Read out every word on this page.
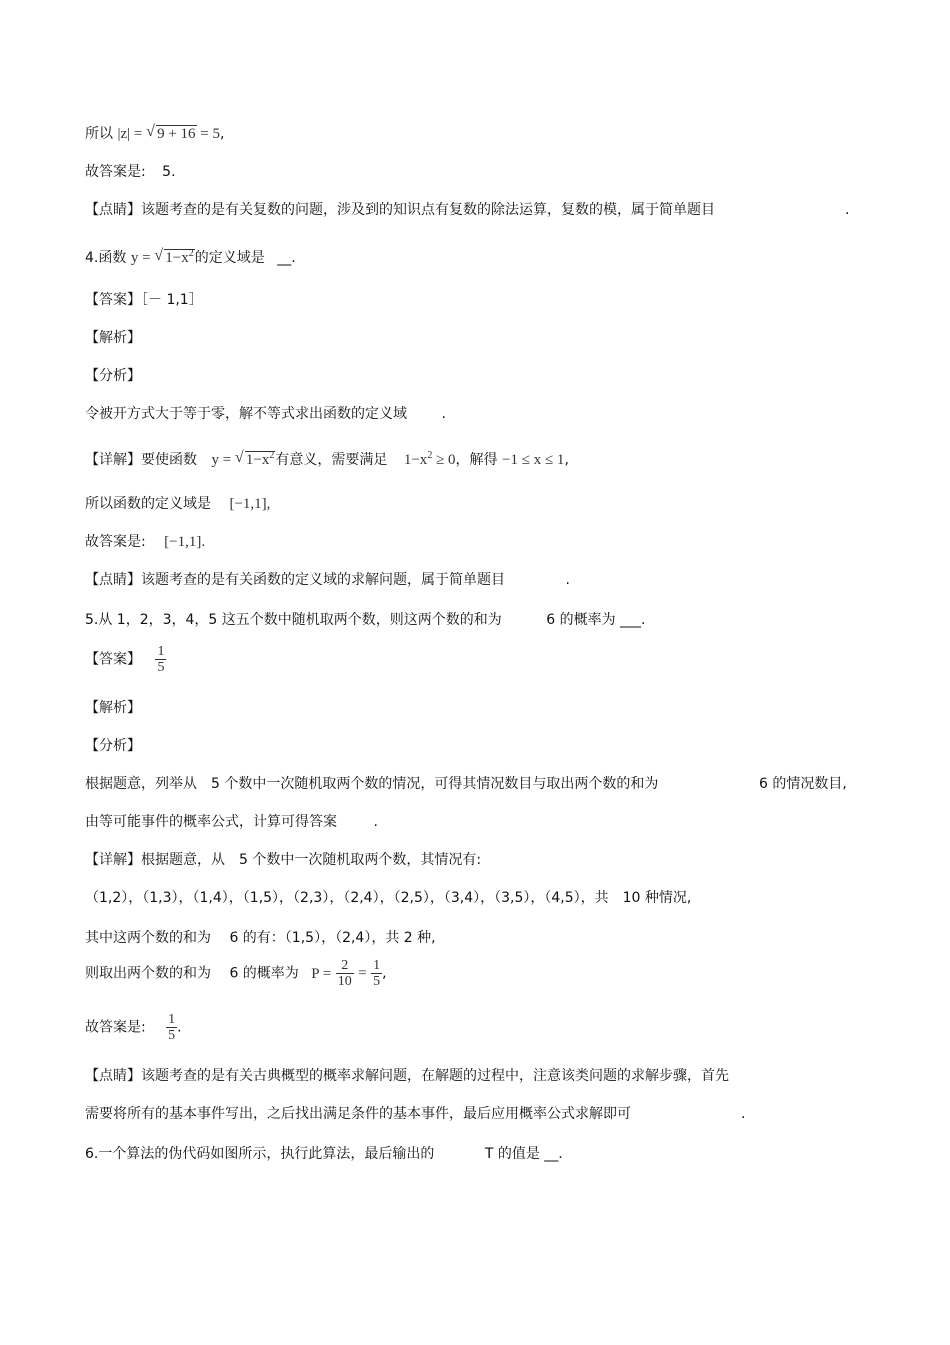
所以 |z| = √ 9 + 16 = 5,
故答案是: 5.
【点睛】该题考查的是有关复数的问题，涉及到的知识点有复数的除法运算，复数的模，属于简单题目	.
4.函数 y = √ $1-x^2$的定义域是 __.
【答案】［－ 1,1］
【解析】
【分析】
令被开方式大于等于零，解不等式求出函数的定义域 .
【详解】要使函数 y = √ $1-x^2$有意义，需要满足 $1-x^2 \ge 0$，解得 −1 ≤ x ≤ 1,
所以函数的定义域是 [−1,1],
故答案是: [−1,1].
【点睛】该题考查的是有关函数的定义域的求解问题，属于简单题目	.
5.从 1，2，3，4，5 这五个数中随机取两个数，则这两个数的和为	6 的概率为 ___.
【答案】 $\frac{1}{5}$
【解析】
【分析】
根据题意，列举从　5 个数中一次随机取两个数的情况，可得其情况数目与取出两个数的和为	6 的情况数目,
由等可能事件的概率公式，计算可得答案	.
【详解】根据题意，从　5 个数中一次随机取两个数，其情况有:
（1,2），（1,3），（1,4），（1,5），（2,3），（2,4），（2,5），（3,4），（3,5），（4,5），共　10 种情况,
其中这两个数的和为　 6 的有：（1,5），（2,4），共 2 种,
则取出两个数的和为　 6 的概率为 $P = \frac{2}{10} = \frac{1}{5}$ ,
故答案是: $\frac{1}{5}$ .
【点睛】该题考查的是有关古典概型的概率求解问题，在解题的过程中，注意该类问题的求解步骤，首先
需要将所有的基本事件写出，之后找出满足条件的基本事件，最后应用概率公式求解即可	.
6.一个算法的伪代码如图所示，执行此算法，最后输出的	T 的值是 __.
